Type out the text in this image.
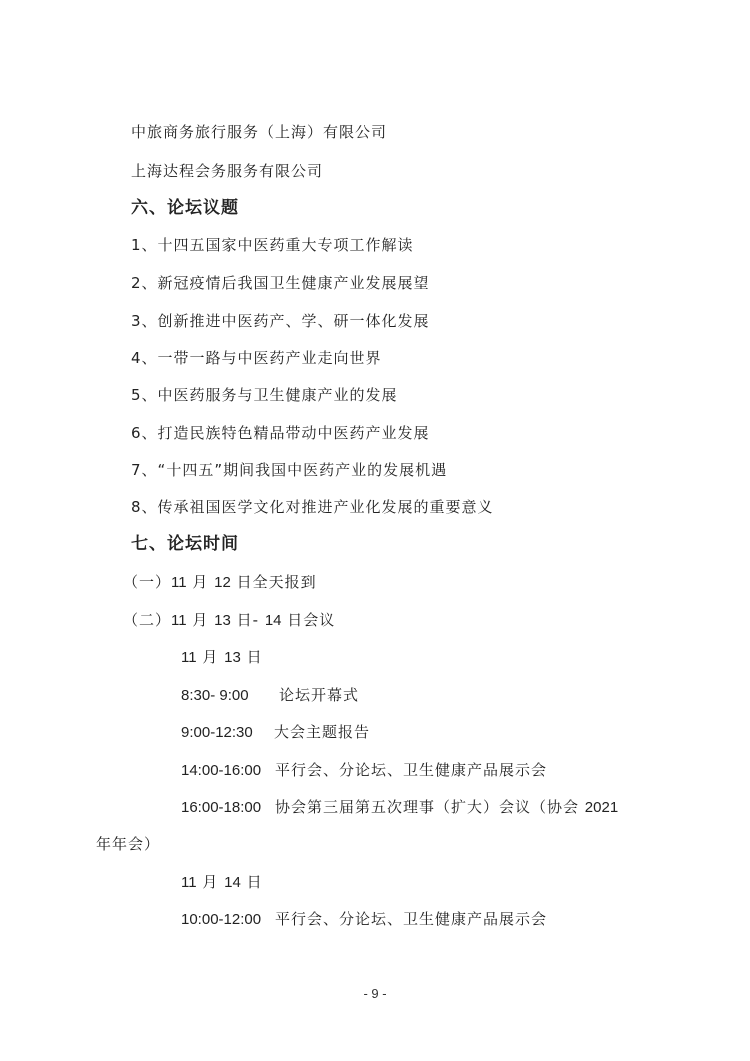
中旅商务旅行服务（上海）有限公司
上海达程会务服务有限公司
六、论坛议题
1、十四五国家中医药重大专项工作解读
2、新冠疫情后我国卫生健康产业发展展望
3、创新推进中医药产、学、研一体化发展
4、一带一路与中医药产业走向世界
5、中医药服务与卫生健康产业的发展
6、打造民族特色精品带动中医药产业发展
7、“十四五”期间我国中医药产业的发展机遇
8、传承祖国医学文化对推进产业化发展的重要意义
七、论坛时间
（一）11 月 12 日全天报到
（二）11 月 13 日- 14 日会议
11 月 13 日
8:30- 9:00 论坛开幕式
9:00-12:30 大会主题报告
14:00-16:00 平行会、分论坛、卫生健康产品展示会
16:00-18:00 协会第三届第五次理事（扩大）会议（协会 2021
年年会）
11 月 14 日
10:00-12:00 平行会、分论坛、卫生健康产品展示会
- 9 -
